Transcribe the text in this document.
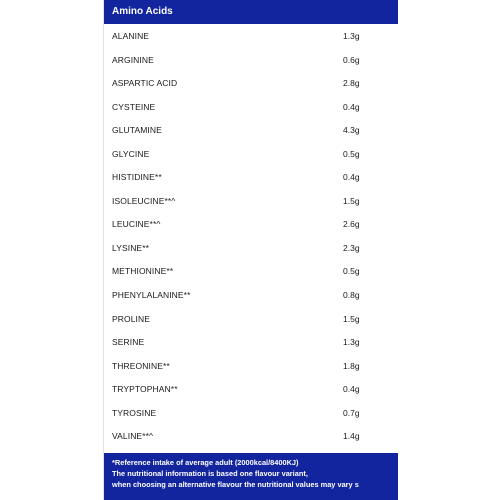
Amino Acids
ALANINE	1.3g
ARGININE	0.6g
ASPARTIC ACID	2.8g
CYSTEINE	0.4g
GLUTAMINE	4.3g
GLYCINE	0.5g
HISTIDINE**	0.4g
ISOLEUCINE**^	1.5g
LEUCINE**^	2.6g
LYSINE**	2.3g
METHIONINE**	0.5g
PHENYLALANINE**	0.8g
PROLINE	1.5g
SERINE	1.3g
THREONINE**	1.8g
TRYPTOPHAN**	0.4g
TYROSINE	0.7g
VALINE**^	1.4g
*Reference intake of average adult (2000kcal/8400KJ)
The nutritional information is based one flavour variant,
when choosing an alternative flavour the nutritional values may vary s
